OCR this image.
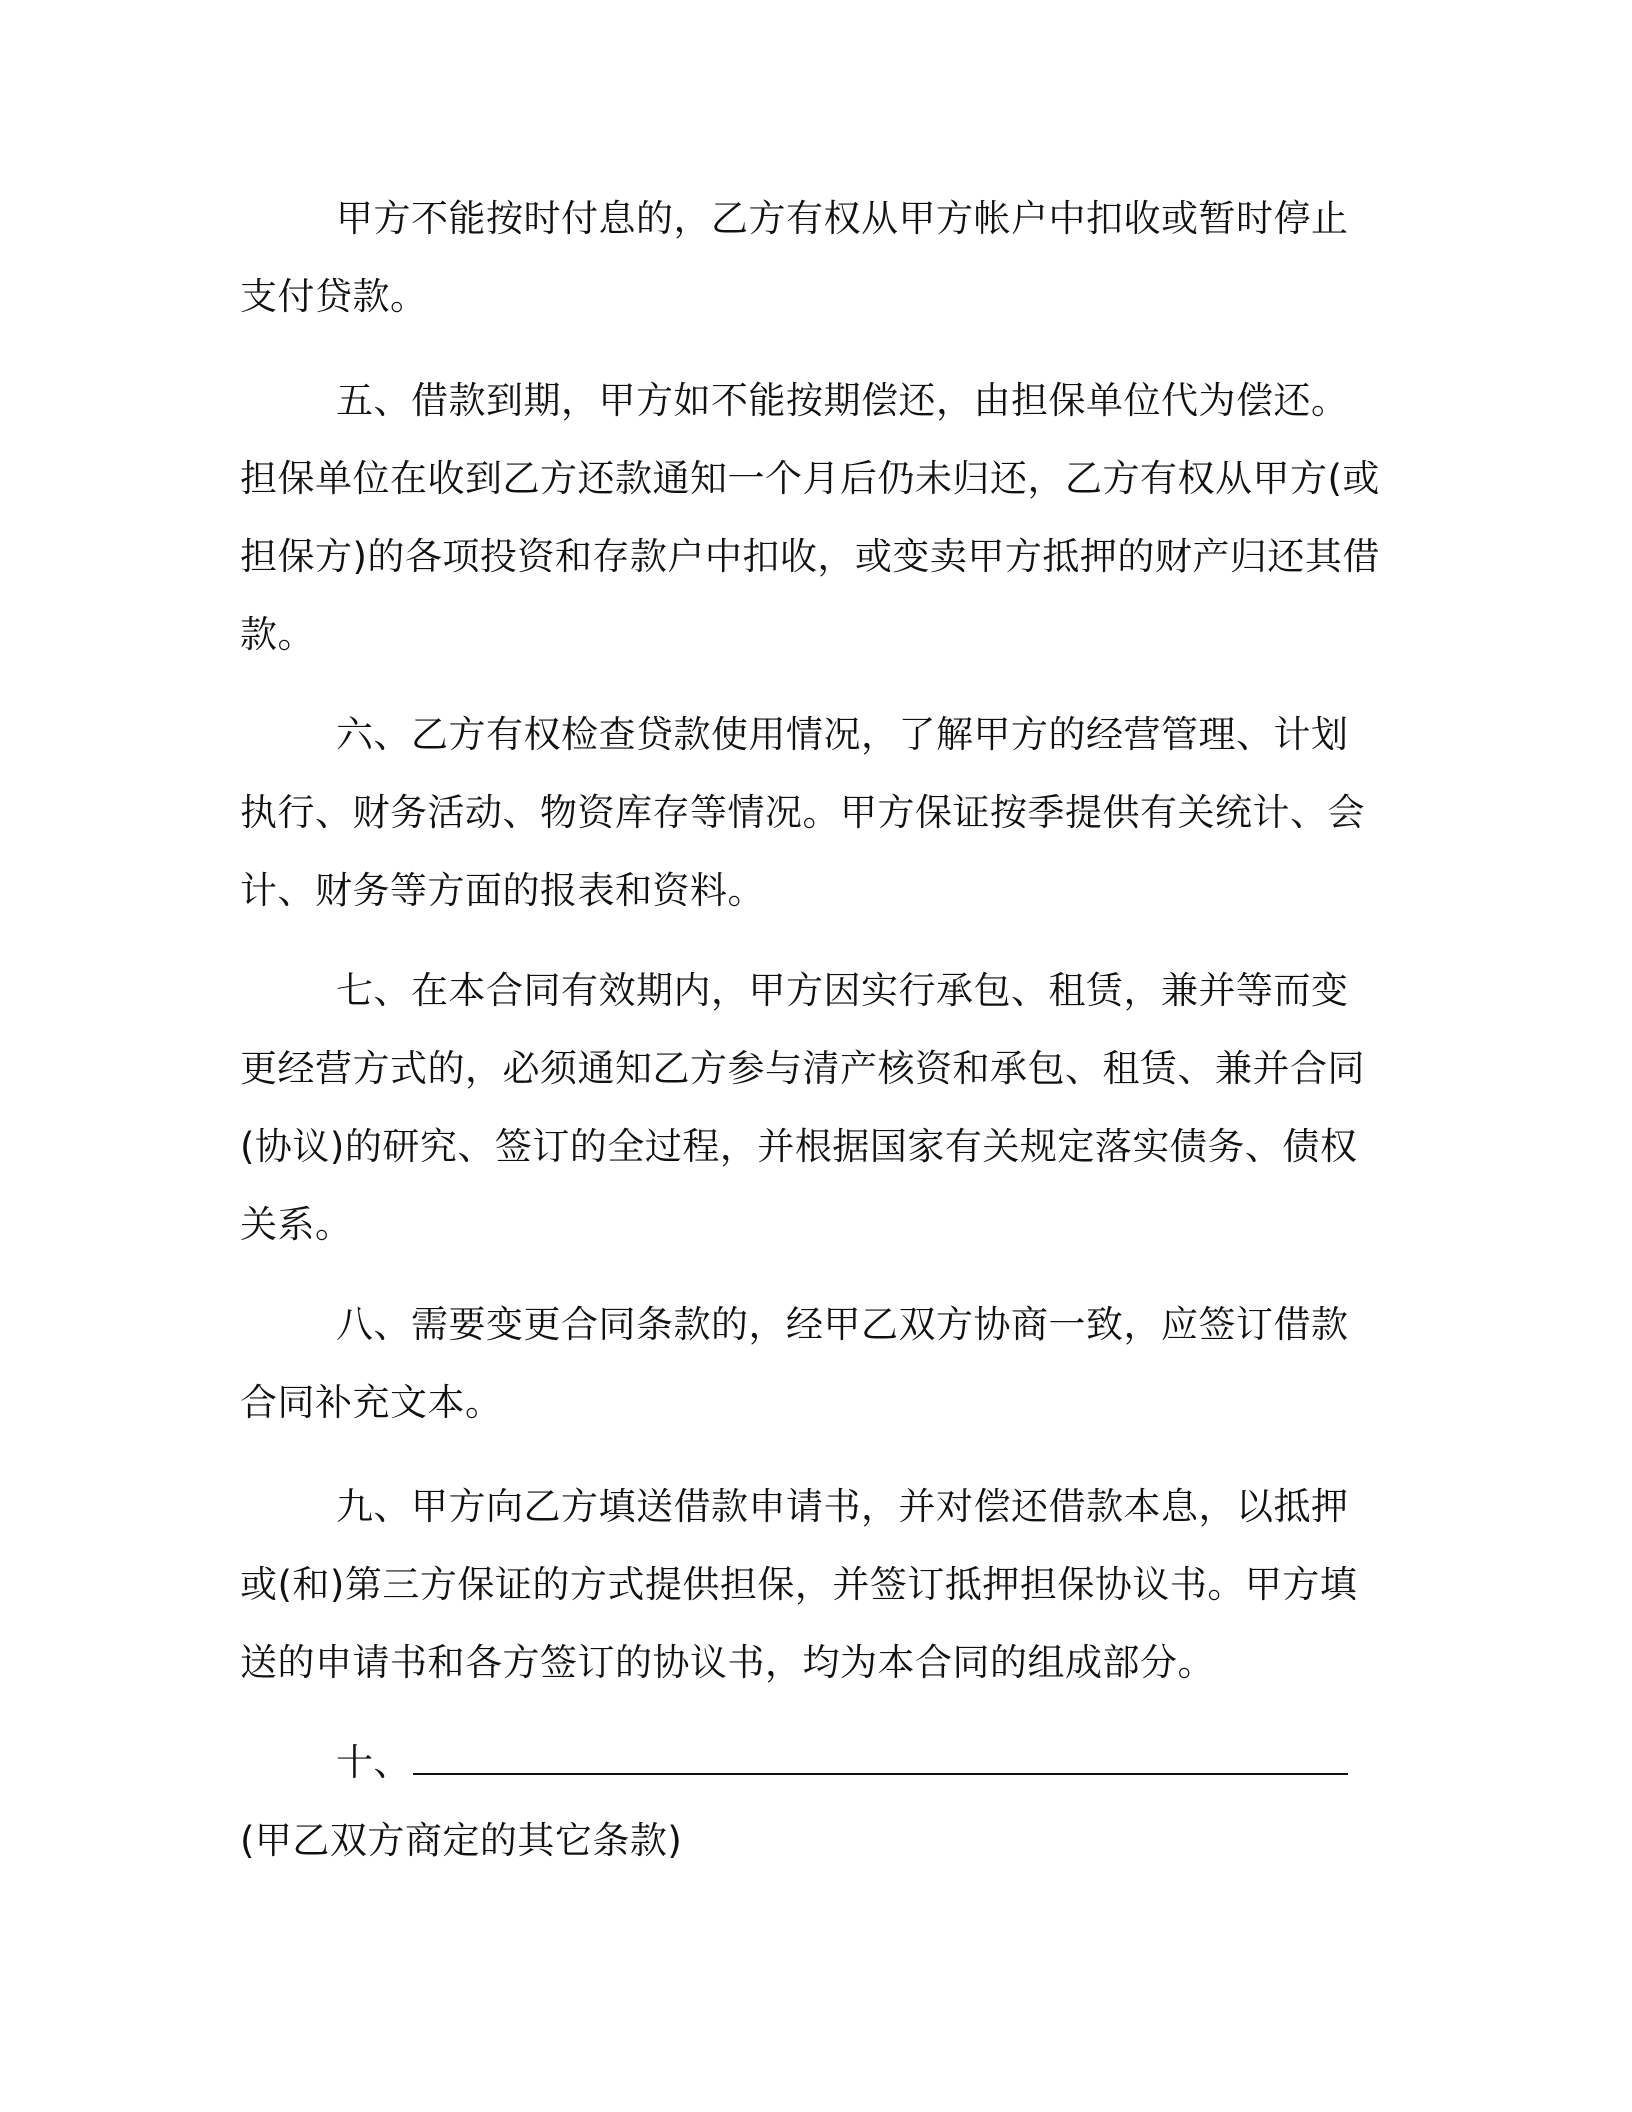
甲方不能按时付息的，乙方有权从甲方帐户中扣收或暂时停止支付贷款。

五、借款到期，甲方如不能按期偿还，由担保单位代为偿还。担保单位在收到乙方还款通知一个月后仍未归还，乙方有权从甲方(或担保方)的各项投资和存款户中扣收，或变卖甲方抵押的财产归还其借款。

六、乙方有权检查贷款使用情况，了解甲方的经营管理、计划执行、财务活动、物资库存等情况。甲方保证按季提供有关统计、会计、财务等方面的报表和资料。

七、在本合同有效期内，甲方因实行承包、租赁，兼并等而变更经营方式的，必须通知乙方参与清产核资和承包、租赁、兼并合同(协议)的研究、签订的全过程，并根据国家有关规定落实债务、债权关系。

八、需要变更合同条款的，经甲乙双方协商一致，应签订借款合同补充文本。

九、甲方向乙方填送借款申请书，并对偿还借款本息，以抵押或(和)第三方保证的方式提供担保，并签订抵押担保协议书。甲方填送的申请书和各方签订的协议书，均为本合同的组成部分。

十、(甲乙双方商定的其它条款)
